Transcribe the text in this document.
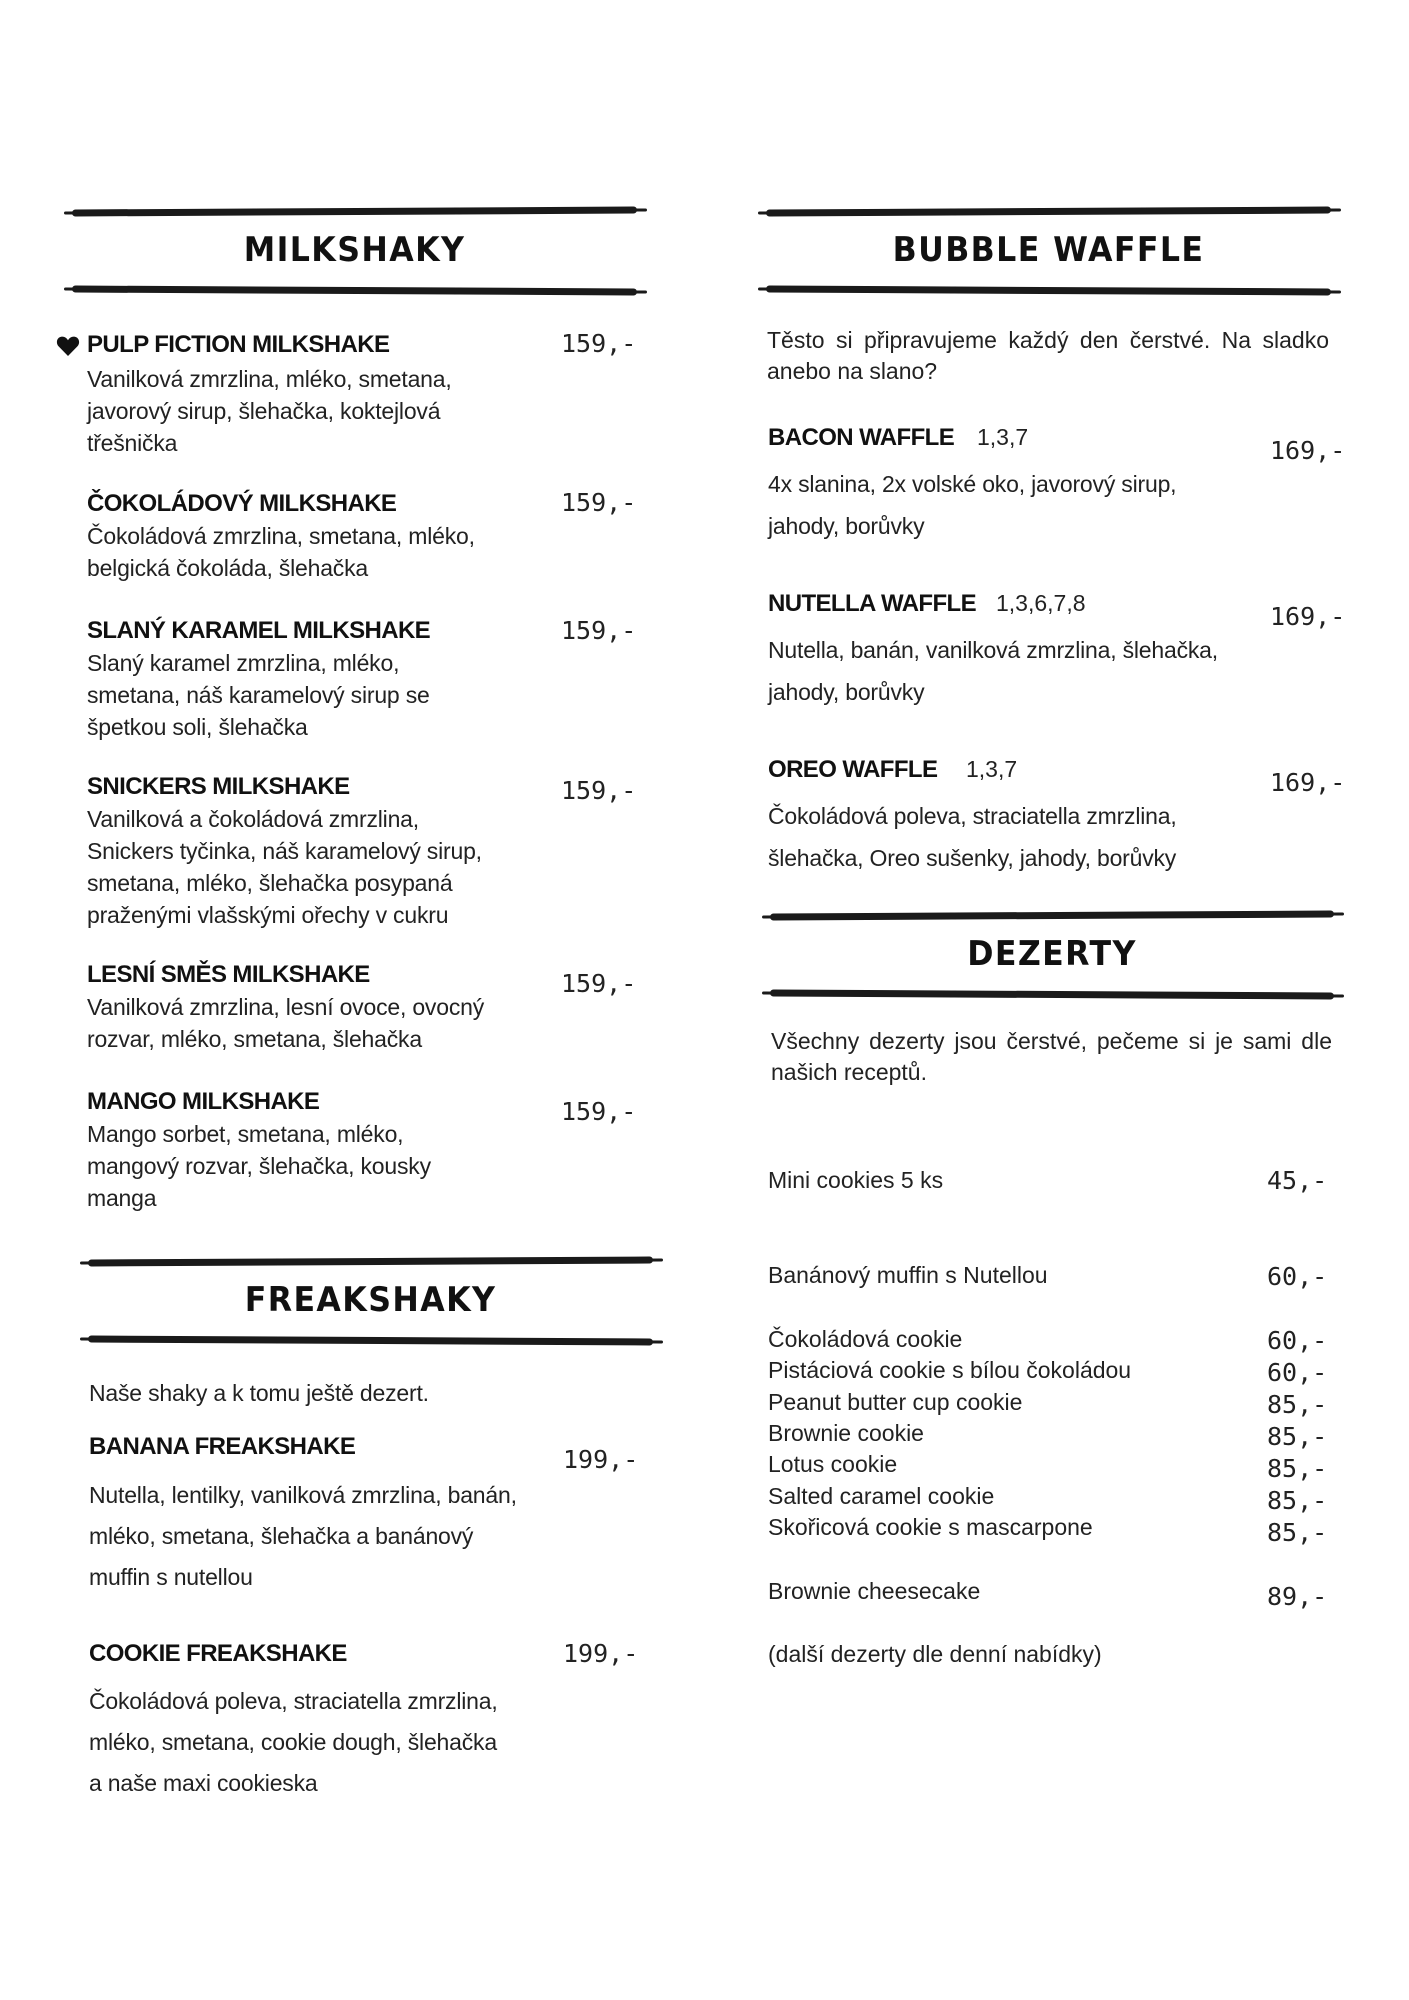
MILKSHAKY
PULP FICTION MILKSHAKE	159,-
Vanilková zmrzlina, mléko, smetana,
javorový sirup, šlehačka, koktejlová
třešnička
ČOKOLÁDOVÝ MILKSHAKE	159,-
Čokoládová zmrzlina, smetana, mléko,
belgická čokoláda, šlehačka
SLANÝ KARAMEL MILKSHAKE	159,-
Slaný karamel zmrzlina, mléko,
smetana, náš karamelový sirup se
špetkou soli, šlehačka
SNICKERS MILKSHAKE	159,-
Vanilková a čokoládová zmrzlina,
Snickers tyčinka, náš karamelový sirup,
smetana, mléko, šlehačka posypaná
praženými vlašskými ořechy v cukru
LESNÍ SMĚS MILKSHAKE	159,-
Vanilková zmrzlina, lesní ovoce, ovocný
rozvar, mléko, smetana, šlehačka
MANGO MILKSHAKE	159,-
Mango sorbet, smetana, mléko,
mangový rozvar, šlehačka, kousky
manga
FREAKSHAKY
Naše shaky a k tomu ještě dezert.
BANANA FREAKSHAKE	199,-
Nutella, lentilky, vanilková zmrzlina, banán,
mléko, smetana, šlehačka a banánový
muffin s nutellou
COOKIE FREAKSHAKE	199,-
Čokoládová poleva, straciatella zmrzlina,
mléko, smetana, cookie dough, šlehačka
a naše maxi cookieska
BUBBLE WAFFLE
Těsto si připravujeme každý den čerstvé. Na sladko
anebo na slano?
BACON WAFFLE 1,3,7	169,-
4x slanina, 2x volské oko, javorový sirup,
jahody, borůvky
NUTELLA WAFFLE 1,3,6,7,8	169,-
Nutella, banán, vanilková zmrzlina, šlehačka,
jahody, borůvky
OREO WAFFLE 1,3,7	169,-
Čokoládová poleva, straciatella zmrzlina,
šlehačka, Oreo sušenky, jahody, borůvky
DEZERTY
Všechny dezerty jsou čerstvé, pečeme si je sami dle
našich receptů.
Mini cookies 5 ks	45,-
Banánový muffin s Nutellou	60,-
Čokoládová cookie	60,-
Pistáciová cookie s bílou čokoládou	60,-
Peanut butter cup cookie	85,-
Brownie cookie	85,-
Lotus cookie	85,-
Salted caramel cookie	85,-
Skořicová cookie s mascarpone	85,-
Brownie cheesecake	89,-
(další dezerty dle denní nabídky)
